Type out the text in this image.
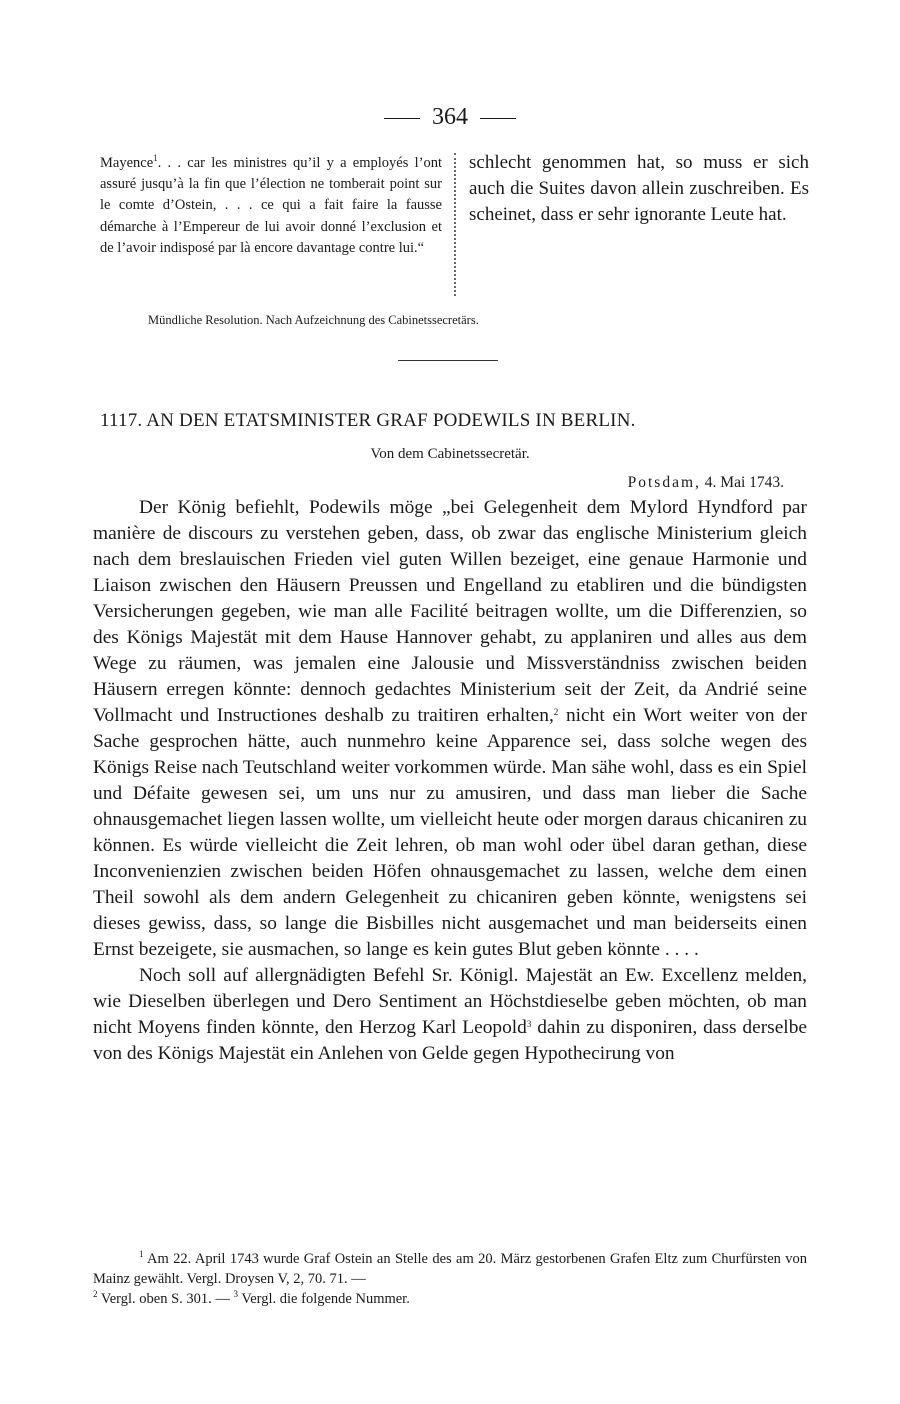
364
Mayence$^1$. . . car les ministres qu’il y a employés l’ont assuré jusqu’à la fin que l’élection ne tomberait point sur le comte d’Ostein, . . . ce qui a fait faire la fausse démarche à l’Empereur de lui avoir donné l’exclusion et de l’avoir indisposé par là encore davantage contre lui.“
schlecht genommen hat, so muss er sich auch die Suites davon allein zuschreiben. Es scheinet, dass er sehr ignorante Leute hat.
Mündliche Resolution. Nach Aufzeichnung des Cabinetssecretärs.
1117. AN DEN ETATSMINISTER GRAF PODEWILS IN BERLIN.
Von dem Cabinetssecretär.
Potsdam, 4. Mai 1743.

Der König befiehlt, Podewils möge „bei Gelegenheit dem Mylord Hyndford par manière de discours zu verstehen geben, dass, ob zwar das englische Ministerium gleich nach dem breslauischen Frieden viel guten Willen bezeiget, eine genaue Harmonie und Liaison zwischen den Häusern Preussen und Engelland zu etabliren und die bündigsten Versicherungen gegeben, wie man alle Facilité beitragen wollte, um die Differenzien, so des Königs Majestät mit dem Hause Hannover gehabt, zu applaniren und alles aus dem Wege zu räumen, was jemalen eine Jalousie und Missverständniss zwischen beiden Häusern erregen könnte: dennoch gedachtes Ministerium seit der Zeit, da Andrié seine Vollmacht und Instructiones deshalb zu traitiren erhalten,$^2$ nicht ein Wort weiter von der Sache gesprochen hätte, auch nunmehro keine Apparence sei, dass solche wegen des Königs Reise nach Teutschland weiter vorkommen würde. Man sähe wohl, dass es ein Spiel und Défaite gewesen sei, um uns nur zu amusiren, und dass man lieber die Sache ohnausgemachet liegen lassen wollte, um vielleicht heute oder morgen daraus chicaniren zu können. Es würde vielleicht die Zeit lehren, ob man wohl oder übel daran gethan, diese Inconvenienzien zwischen beiden Höfen ohnausgemachet zu lassen, welche dem einen Theil sowohl als dem andern Gelegenheit zu chicaniren geben könnte, wenigstens sei dieses gewiss, dass, so lange die Bisbilles nicht ausgemachet und man beiderseits einen Ernst bezeigete, sie ausmachen, so lange es kein gutes Blut geben könnte . . . .

Noch soll auf allergnädigten Befehl Sr. Königl. Majestät an Ew. Excellenz melden, wie Dieselben überlegen und Dero Sentiment an Höchstdieselbe geben möchten, ob man nicht Moyens finden könnte, den Herzog Karl Leopold$^3$ dahin zu disponiren, dass derselbe von des Königs Majestät ein Anlehen von Gelde gegen Hypothecirung von

$^1$ Am 22. April 1743 wurde Graf Ostein an Stelle des am 20. März gestorbenen Grafen Eltz zum Churfürsten von Mainz gewählt. Vergl. Droysen V, 2, 70. 71. —
$^2$ Vergl. oben S. 301. — $^3$ Vergl. die folgende Nummer.
